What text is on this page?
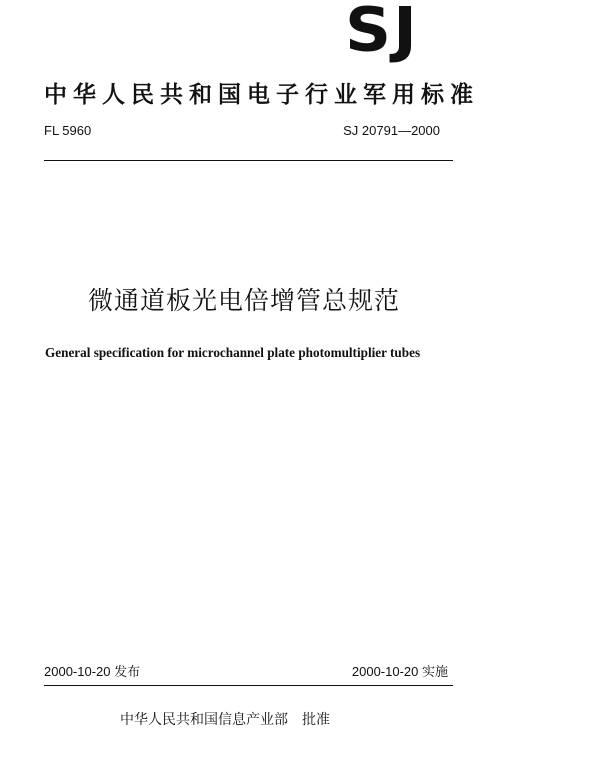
SJ
中华人民共和国电子行业军用标准
FL 5960	SJ 20791—2000
微通道板光电倍增管总规范
General specification for microchannel plate photomultiplier tubes
2000-10-20 发布	2000-10-20 实施
中华人民共和国信息产业部 批准
